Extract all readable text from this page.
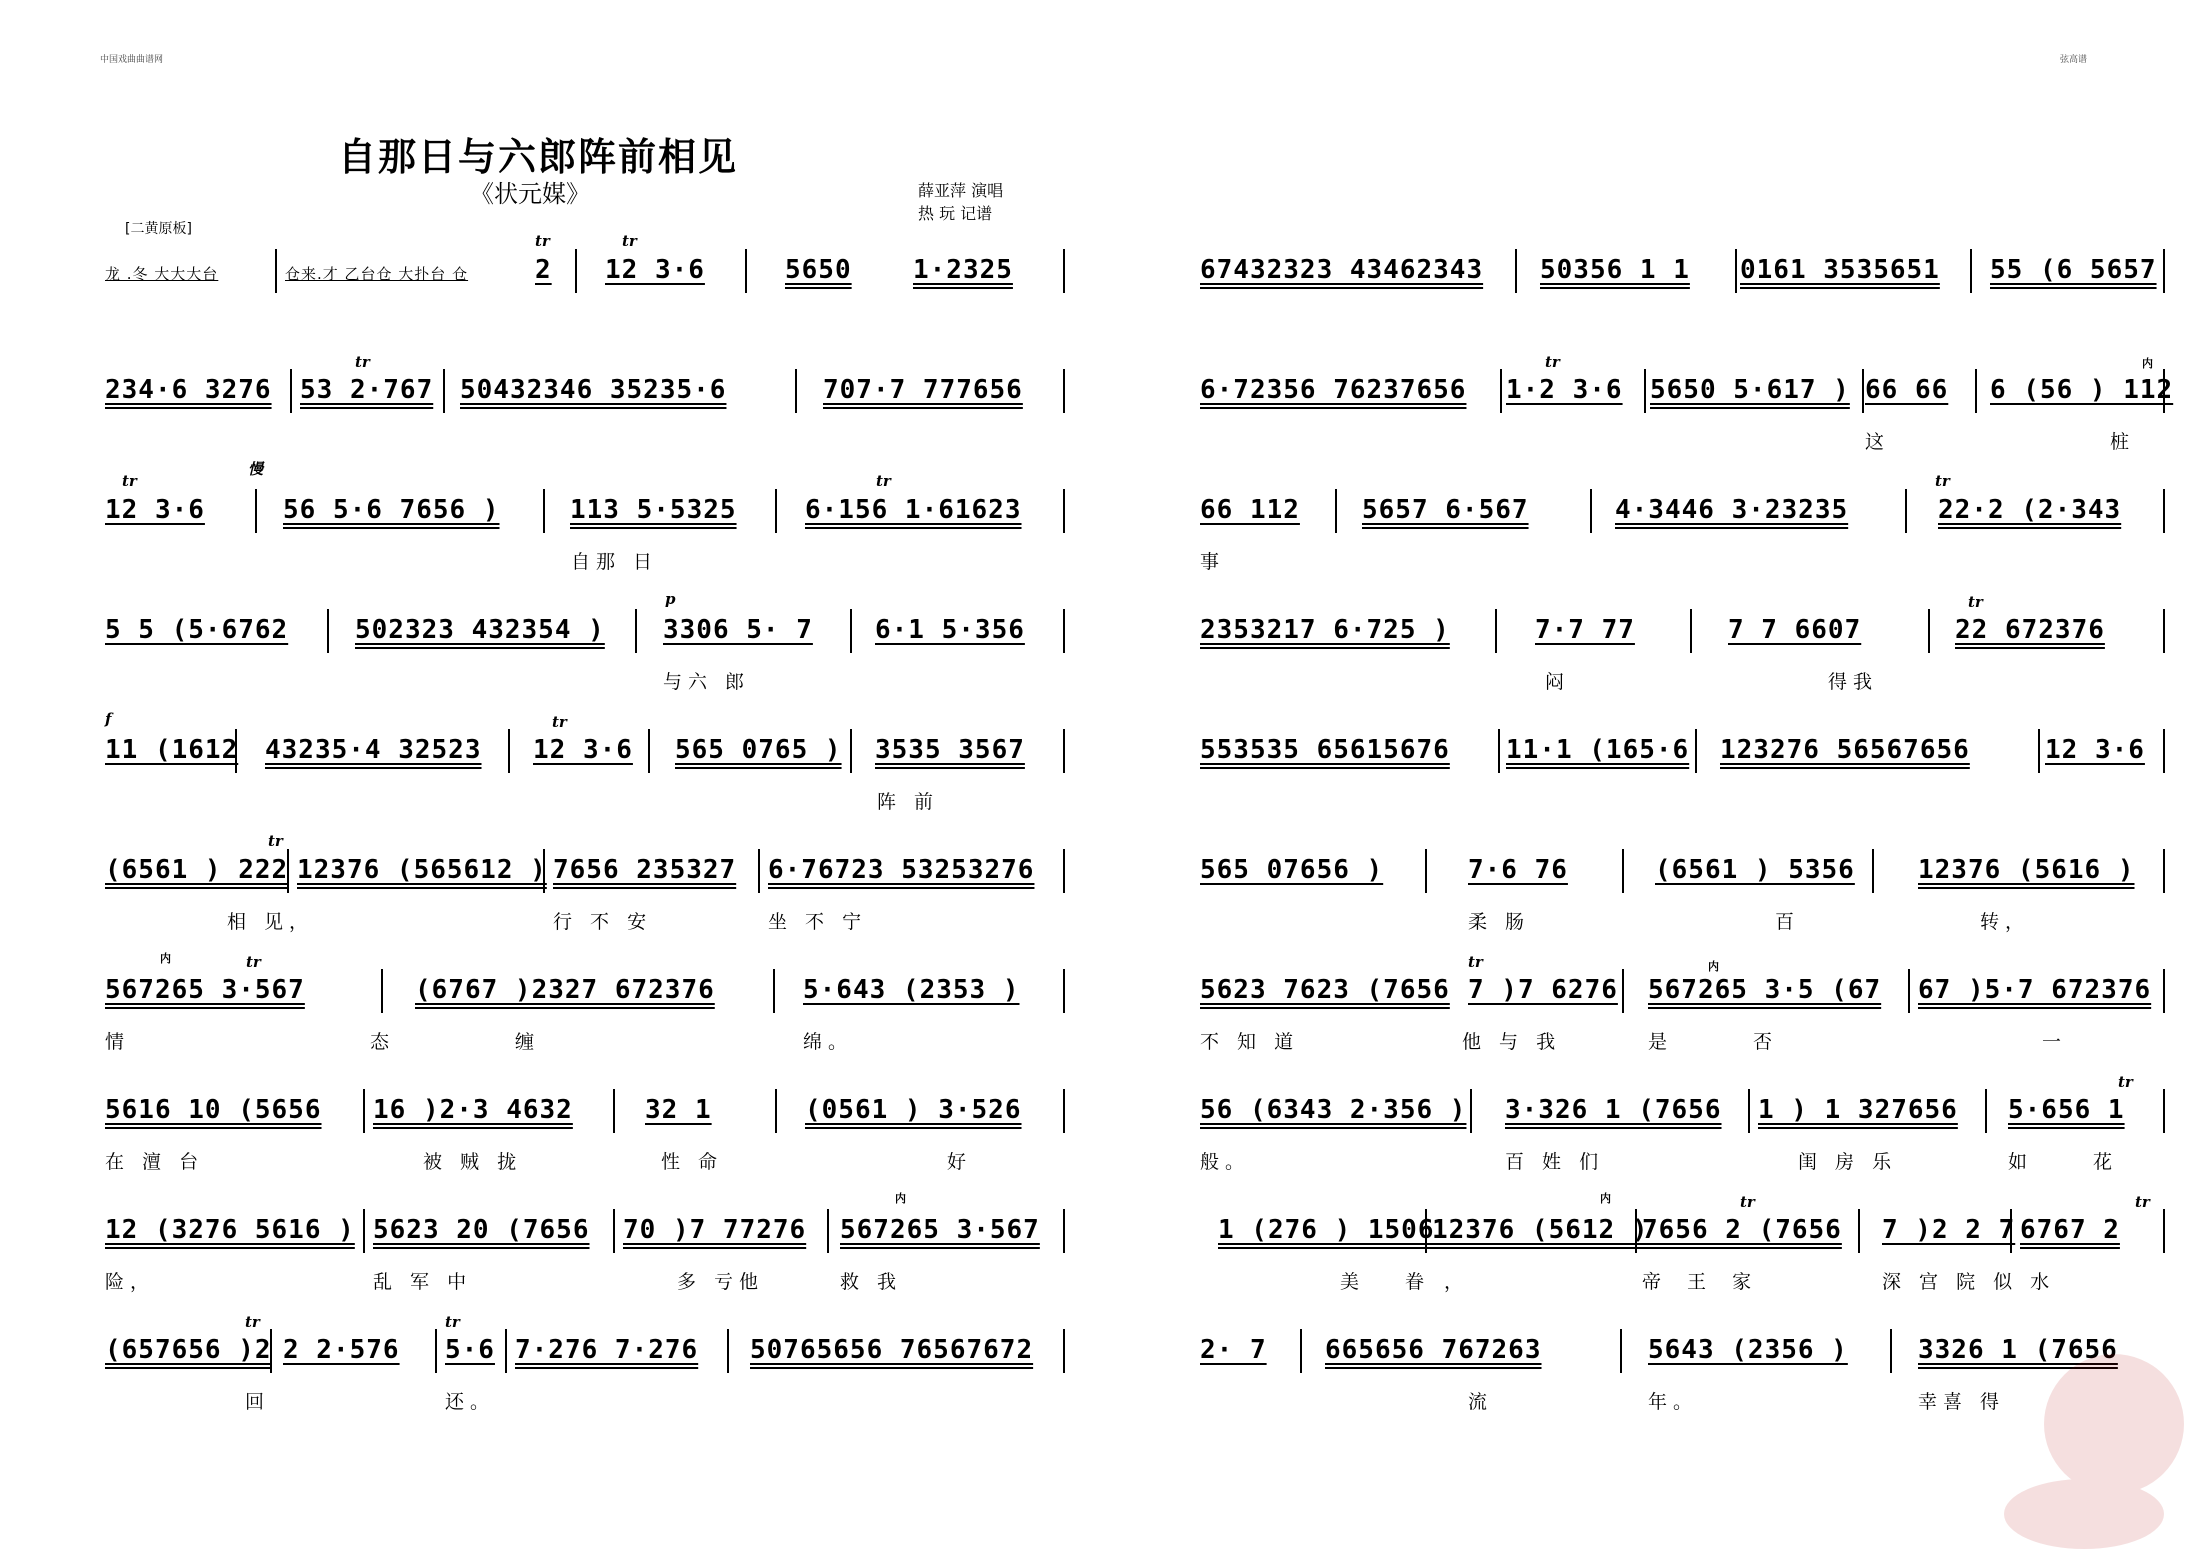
中国戏曲曲谱网	弦高谱
自那日与六郎阵前相见
《状元媒》	薛亚萍 演唱
热 玩 记谱
[二黄原板]
龙 .冬 大大大台	仓来.才 乙台仓 大扑台 仓	2 12 3·6	5650 1·2325
234·6 3276 53 2·767 50432346 35235·6	707·7 777656
12 3·6	56 5·6 7656 )	113 5·5325	6·156 1·61623
自那 日
慢
5 5 (5·6762	502323 432354 ) 3306 5· 7 6·1 5·356
与六 郎
p
11 (1612 43235·4 32523 12 3·6 565 0765 ) 3535 3567
阵 前
f
(6561 ) 222 12376 (565612 ) 7656 235327 6·76723 53253276
相 见，	行 不 安	坐 不 宁
567265 3·567	(6767 )2327 672376	5·643 (2353 )
情 态 缠	绵。
5616 10 (5656 16 )2·3 4632	32 1	(0561 ) 3·526
在 澶 台	被 贼 拢	性 命	好
12 (3276 5616 ) 5623 20 (7656 70 )7 77276 567265 3·567
险，	乱 军 中	多 亏他	救 我
(657656 )2 2 2·576 5·6 7·276 7·276 50765656 76567672
回	还。
67432323 43462343 50356 1 1 0161 3535651 55 (6 5657
6·72356 76237656 1·2 3·6 5650 5·617 ) 66 66 6 (56 ) 112
这	桩
66 112 5657 6·567	4·3446 3·23235	22·2 (2·343
事
2353217 6·725 )	7·7 77	7 7 6607	22 672376
闷	得我
553535 65615676 11·1 (165·6 123276 56567656	12 3·6
565 07656 )	7·6 76	(6561 ) 5356 12376 (5616 )
柔 肠	百	转，
5623 7623 (7656 7 )7 6276 567265 3·5 (67 67 )5·7 672376
不 知 道	他 与 我	是 否	一
56 (6343 2·356 ) 3·326 1 (7656 1 ) 1 327656 5·656 1
般。	百 姓 们	闺 房 乐	如 花
1 (276 ) 1506
12376 (5612 )
7656 2 (7656 7 )2 2 7 6767 2
美 眷，	帝 王 家	深 宫 院 似 水
2· 7 665656 767263	5643 (2356 )	3326 1 (7656
流	年。	幸喜 得
tr	tr
tr
tr	tr
tr
tr
tr
tr	tr
tr
tr
tr
tr
tr
tr	tr
内
内
内
内
内
